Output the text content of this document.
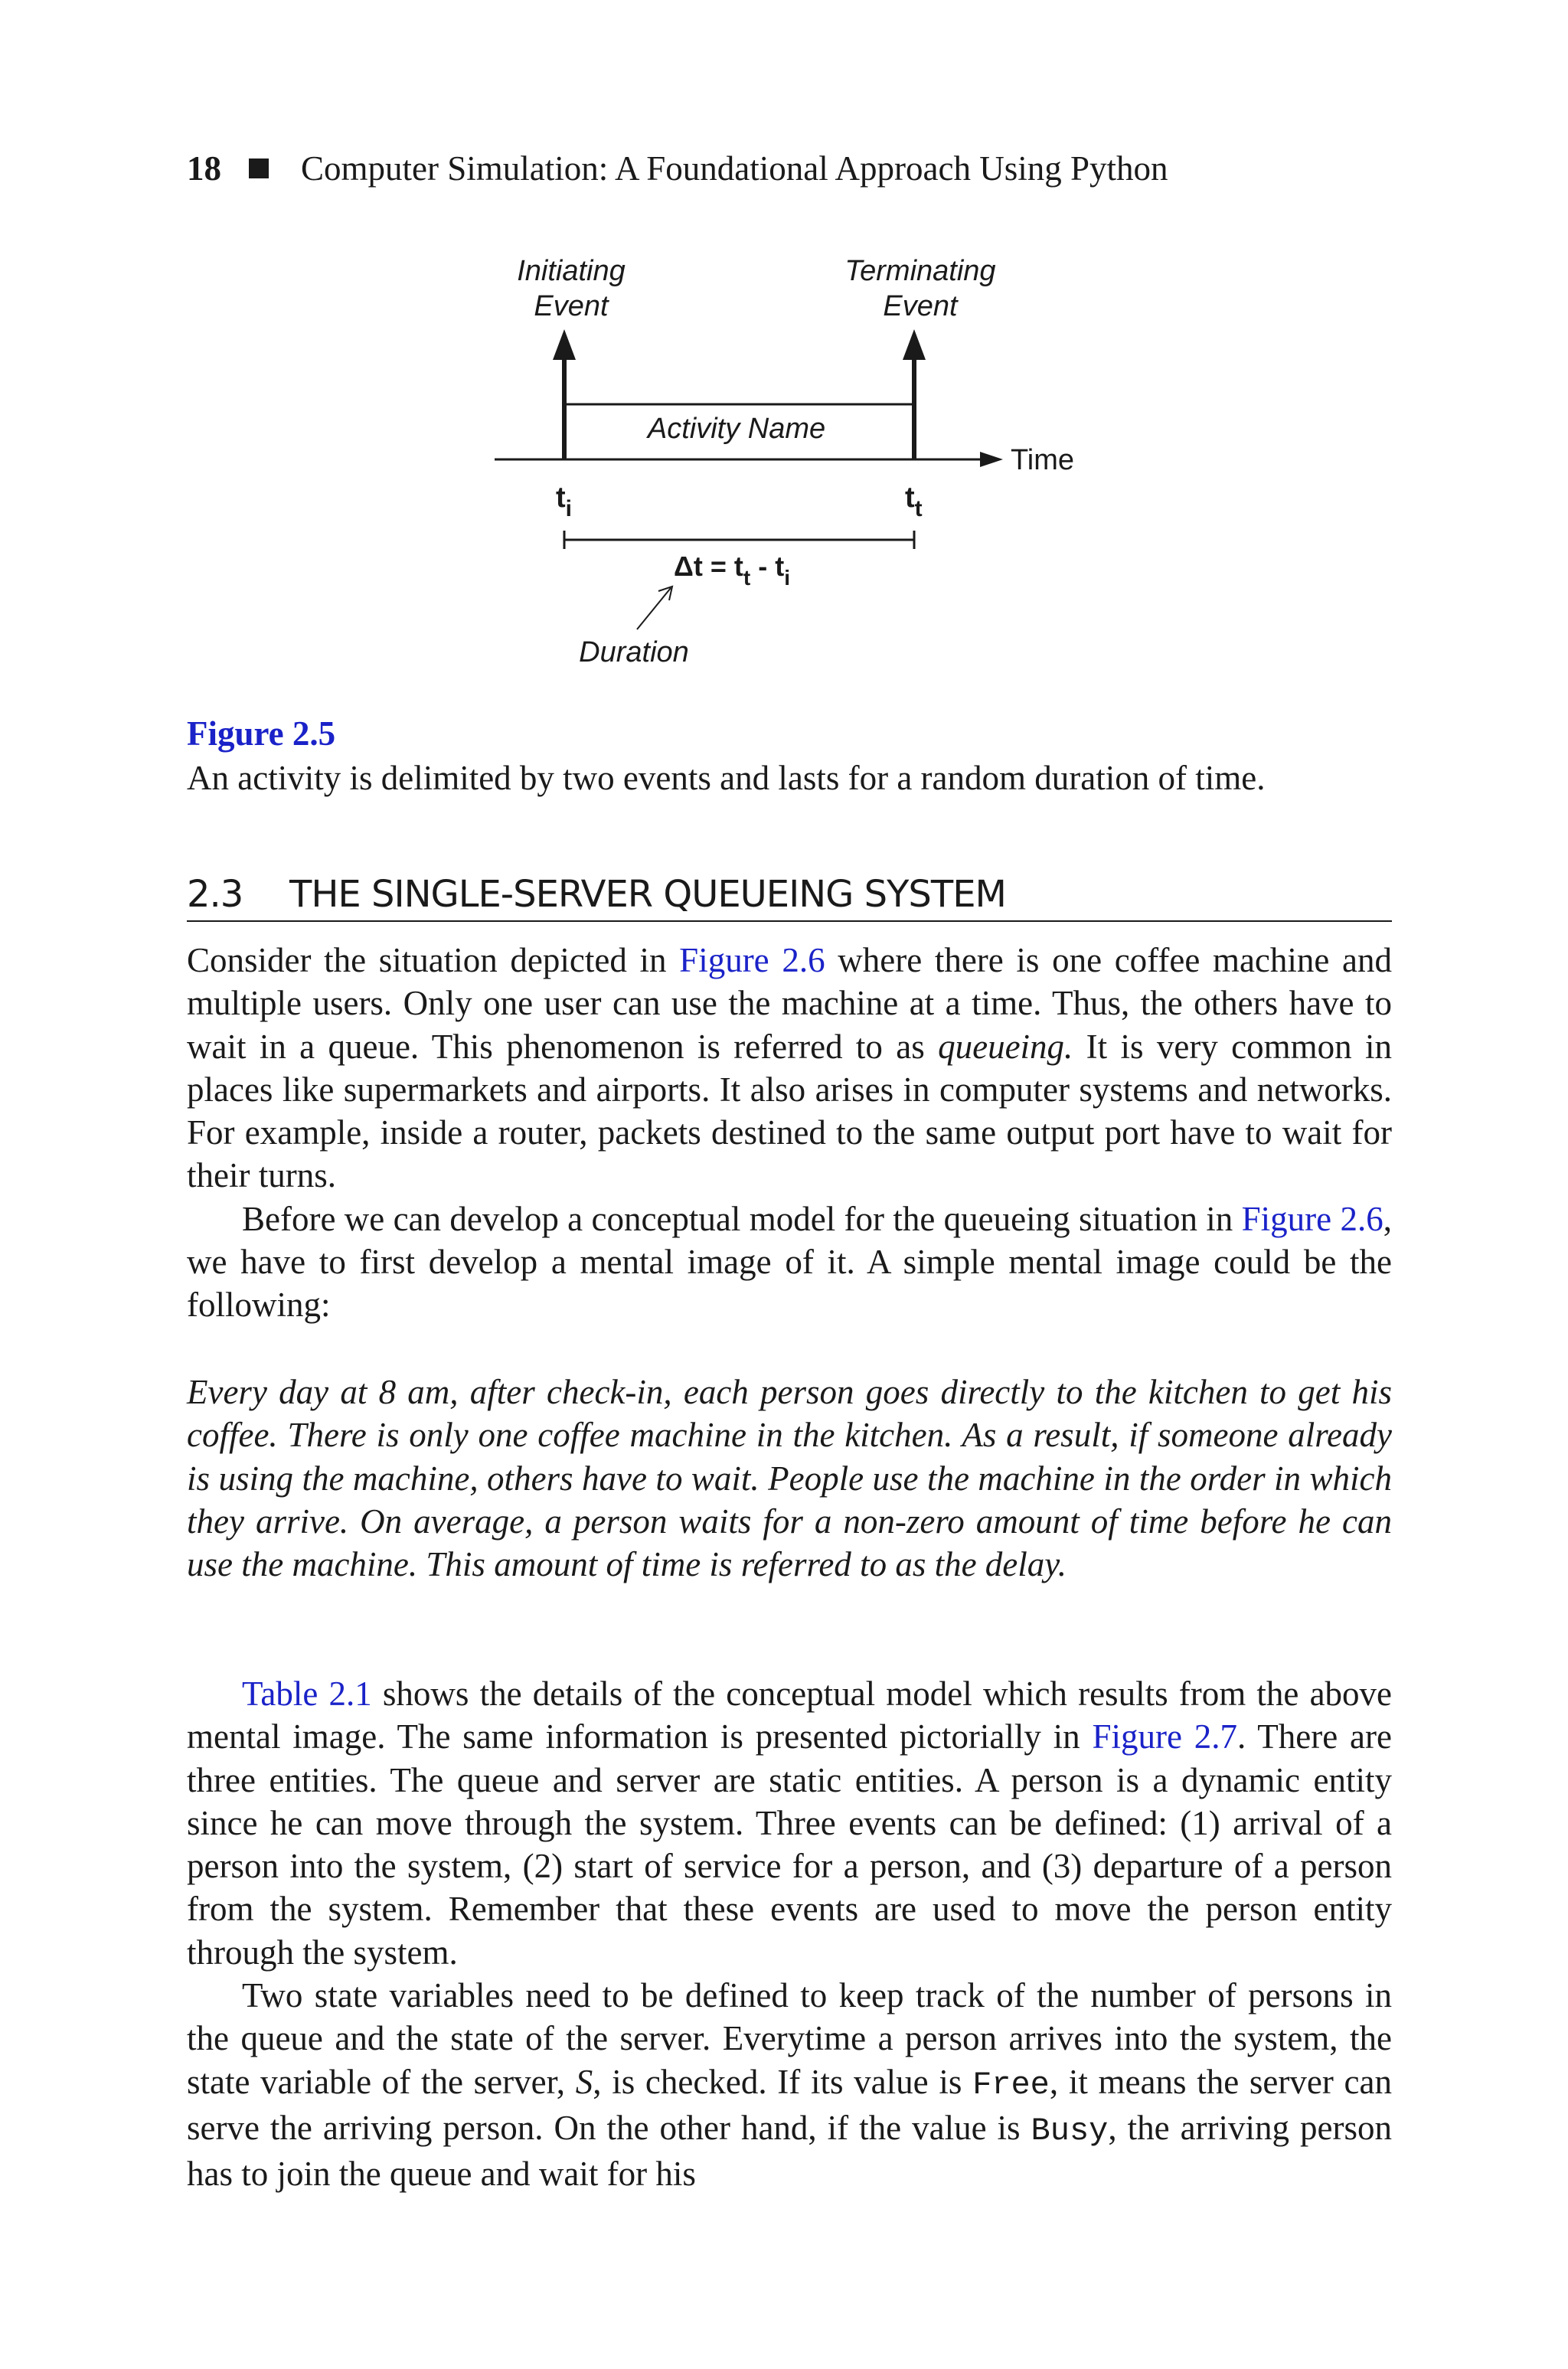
18 Computer Simulation: A Foundational Approach Using Python
Initiating
Event
Terminating
Event
Activity Name
Time
$t_i$	$t_t$
$\Delta t = t_t - t_i$
Duration
Figure 2.5
An activity is delimited by two events and lasts for a random duration of time.
2.3 THE SINGLE-SERVER QUEUEING SYSTEM

Consider the situation depicted in Figure 2.6 where there is one coffee machine and multiple users. Only one user can use the machine at a time. Thus, the others have to wait in a queue. This phenomenon is referred to as queueing. It is very common in places like supermarkets and airports. It also arises in computer systems and networks. For example, inside a router, packets destined to the same output port have to wait for their turns.

Before we can develop a conceptual model for the queueing situation in Figure 2.6, we have to first develop a mental image of it. A simple mental image could be the following:

Every day at 8 am, after check-in, each person goes directly to the kitchen to get his coffee. There is only one coffee machine in the kitchen. As a result, if someone already is using the machine, others have to wait. People use the machine in the order in which they arrive. On average, a person waits for a non-zero amount of time before he can use the machine. This amount of time is referred to as the delay.

Table 2.1 shows the details of the conceptual model which results from the above mental image. The same information is presented pictorially in Figure 2.7. There are three entities. The queue and server are static entities. A person is a dynamic entity since he can move through the system. Three events can be defined: (1) arrival of a person into the system, (2) start of service for a person, and (3) departure of a person from the system. Remember that these events are used to move the person entity through the system.

Two state variables need to be defined to keep track of the number of persons in the queue and the state of the server. Everytime a person arrives into the system, the state variable of the server, S, is checked. If its value is Free, it means the server can serve the arriving person. On the other hand, if the value is Busy, the arriving person has to join the queue and wait for his
